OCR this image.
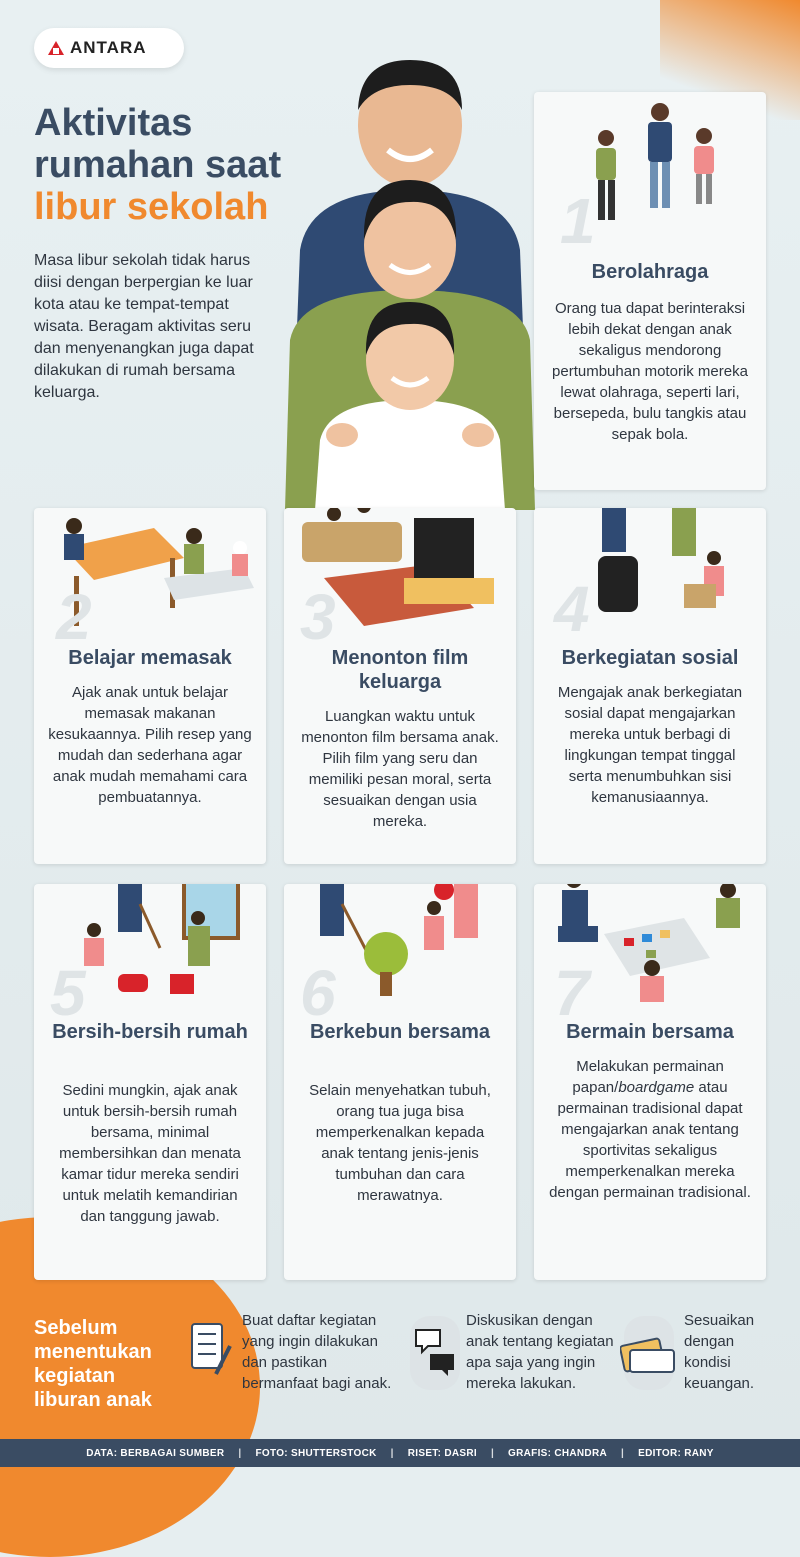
ANTARA
Aktivitas
rumahan saat
libur sekolah

Masa libur sekolah tidak harus diisi dengan berpergian ke luar kota atau ke tempat-tempat wisata. Beragam aktivitas seru dan menyenangkan juga dapat dilakukan di rumah bersama keluarga.

1
Berolahraga

Orang tua dapat berinteraksi lebih dekat dengan anak sekaligus mendorong pertumbuhan motorik mereka lewat olahraga, seperti lari, bersepeda, bulu tangkis atau sepak bola.

2
Belajar memasak

Ajak anak untuk belajar memasak makanan kesukaannya. Pilih resep yang mudah dan sederhana agar anak mudah memahami cara pembuatannya.

3
Menonton film keluarga

Luangkan waktu untuk menonton film bersama anak. Pilih film yang seru dan memiliki pesan moral, serta sesuaikan dengan usia mereka.

4
Berkegiatan sosial

Mengajak anak berkegiatan sosial dapat mengajarkan mereka untuk berbagi di lingkungan tempat tinggal serta menumbuhkan sisi kemanusiaannya.

5
Bersih-bersih rumah

Sedini mungkin, ajak anak untuk bersih-bersih rumah bersama, minimal membersihkan dan menata kamar tidur mereka sendiri untuk melatih kemandirian dan tanggung jawab.

6
Berkebun bersama

Selain menyehatkan tubuh, orang tua juga bisa memperkenalkan kepada anak tentang jenis-jenis tumbuhan dan cara merawatnya.

7
Bermain bersama

Melakukan permainan papan/boardgame atau permainan tradisional dapat mengajarkan anak tentang sportivitas sekaligus memperkenalkan mereka dengan permainan tradisional.

Sebelum menentukan kegiatan liburan anak
Buat daftar kegiatan yang ingin dilakukan dan pastikan bermanfaat bagi anak.
Diskusikan dengan anak tentang kegiatan apa saja yang ingin mereka lakukan.
Sesuaikan dengan kondisi keuangan.
DATA: BERBAGAI SUMBER | FOTO: SHUTTERSTOCK | RISET: DASRI | GRAFIS: CHANDRA | EDITOR: RANY
